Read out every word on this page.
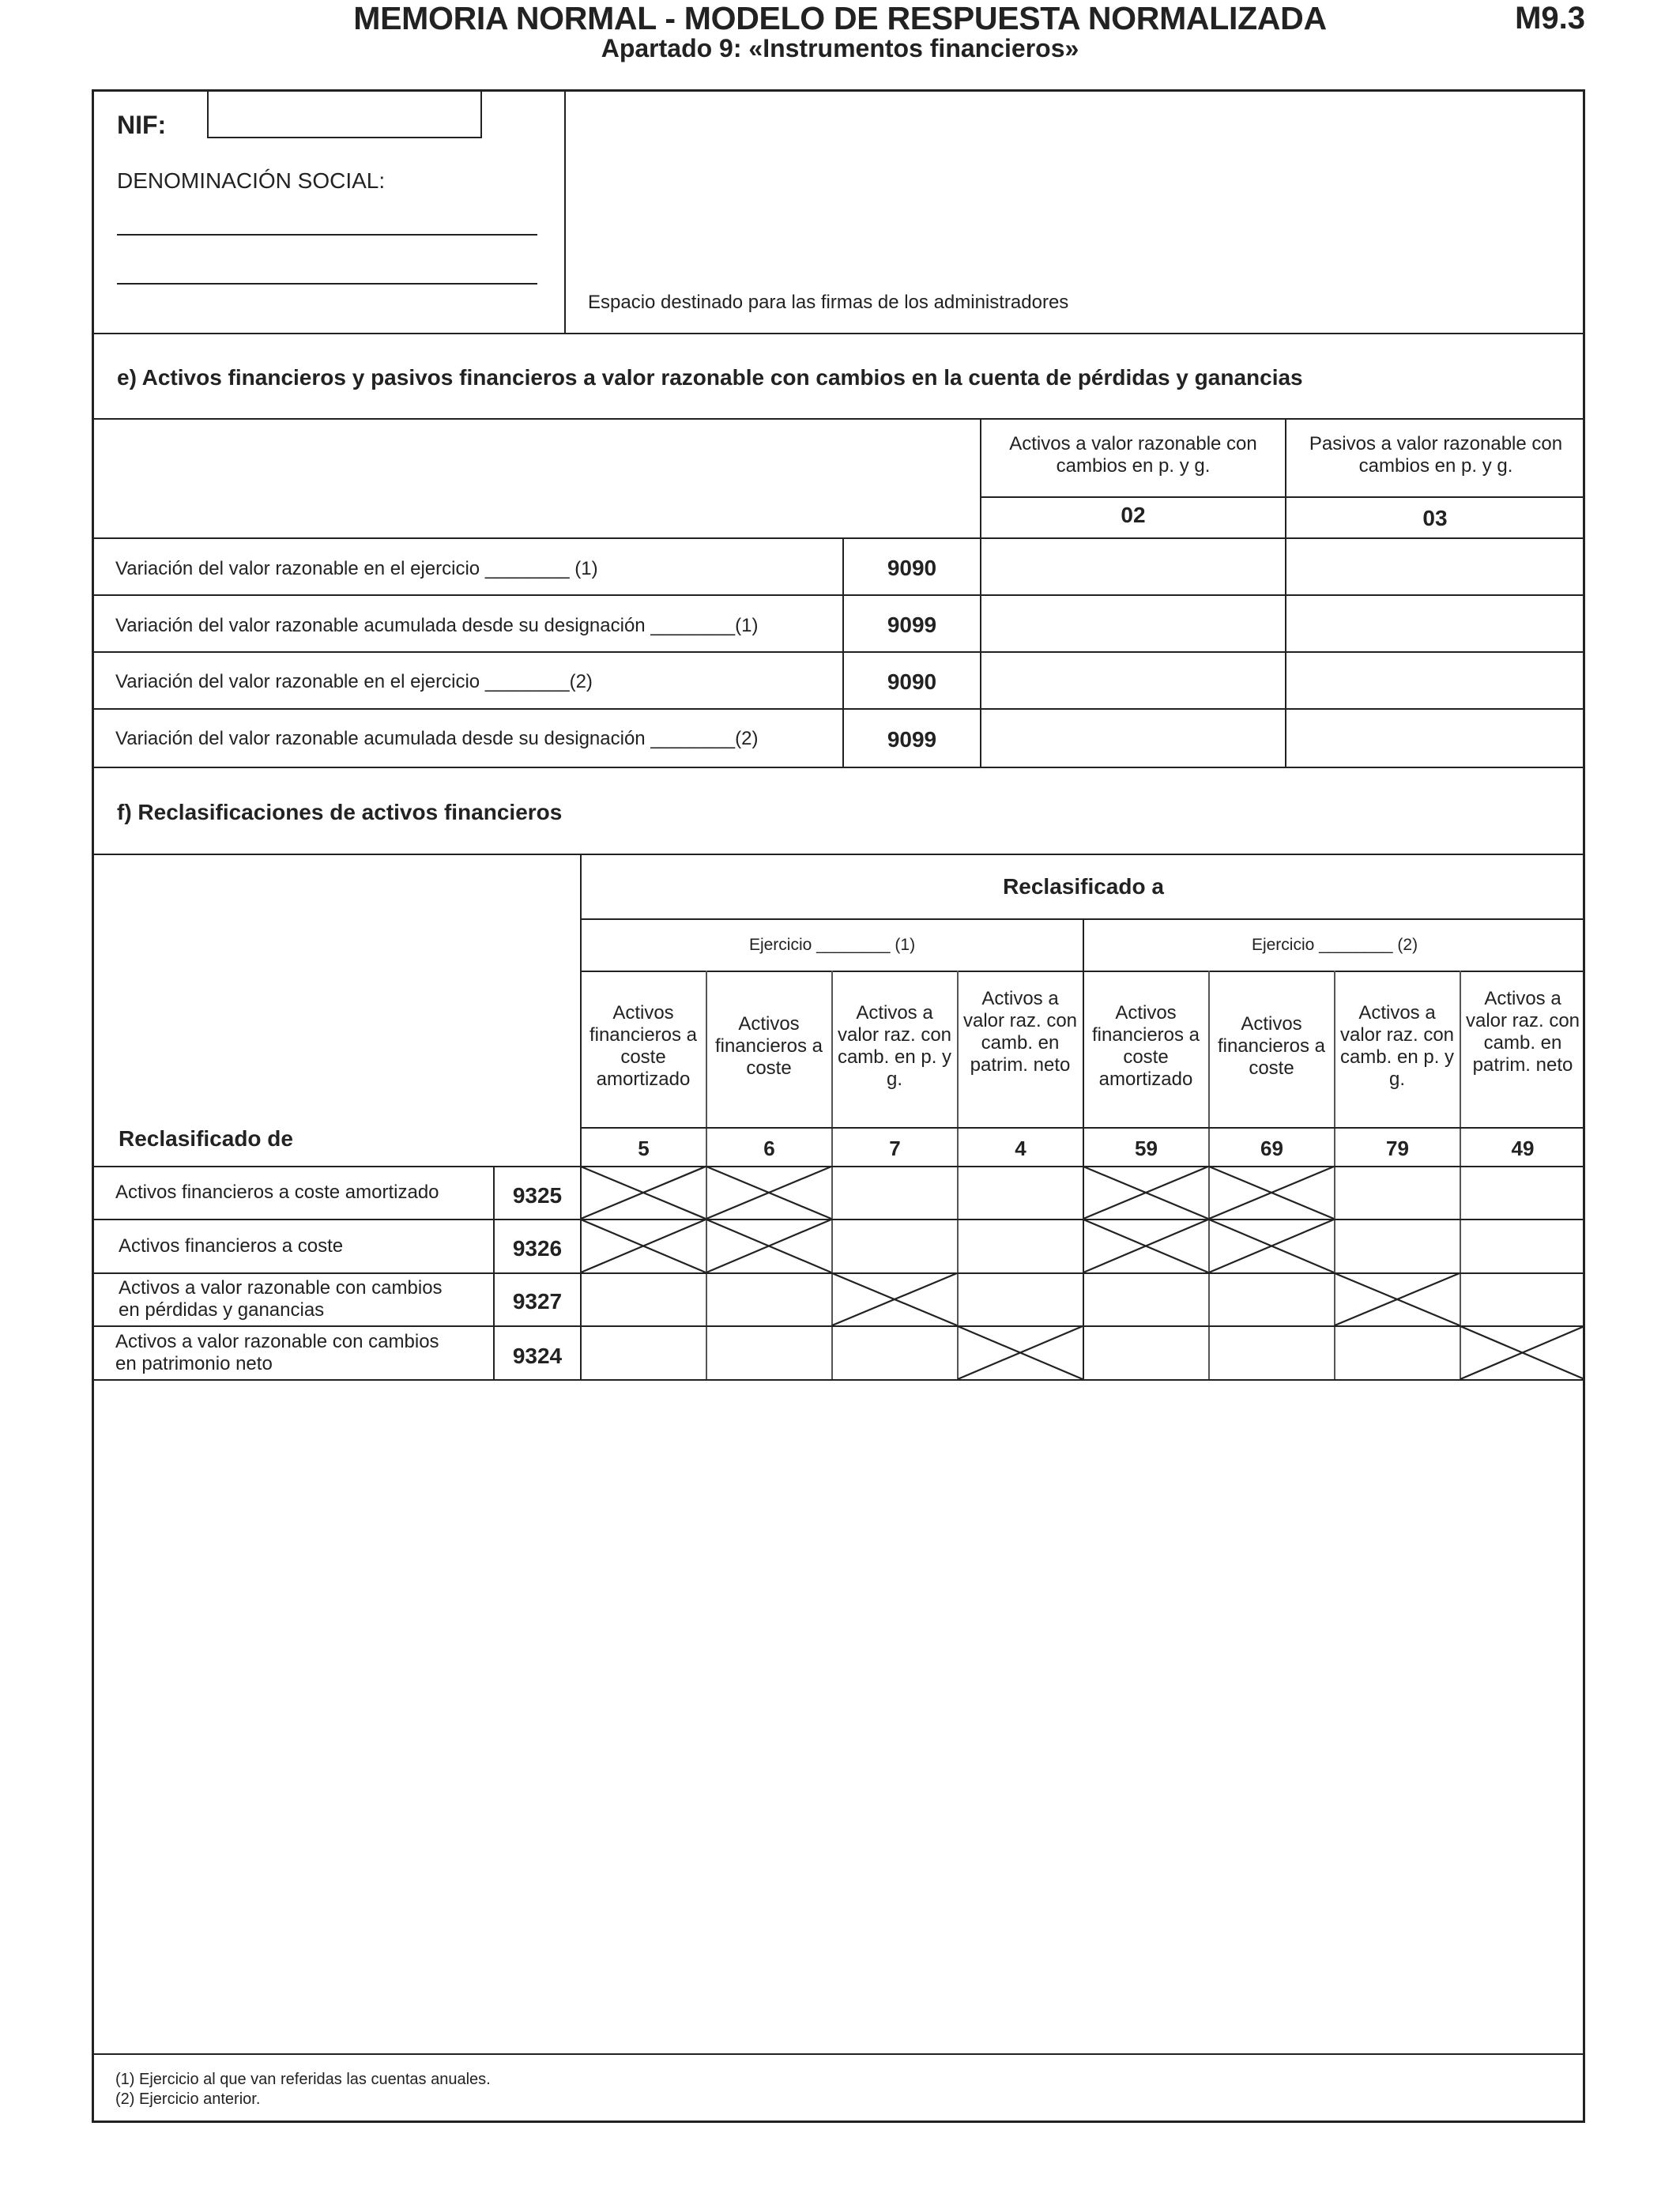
MEMORIA NORMAL - MODELO DE RESPUESTA NORMALIZADA
Apartado 9: «Instrumentos financieros»
M9.3
NIF:
DENOMINACIÓN SOCIAL:
Espacio destinado para las firmas de los administradores
e) Activos financieros y pasivos financieros a valor razonable con cambios en la cuenta de pérdidas y ganancias
Activos a valor razonable con cambios en p. y g.
Pasivos a valor razonable con cambios en p. y g.
02	03
Variación del valor razonable en el ejercicio ________ (1)	9090
Variación del valor razonable acumulada desde su designación ________(1)	9099
Variación del valor razonable en el ejercicio ________(2)	9090
Variación del valor razonable acumulada desde su designación ________(2)	9099
f) Reclasificaciones de activos financieros
Reclasificado a
Ejercicio ________ (1)	Ejercicio ________ (2)
Activos financieros a coste amortizado
Activos financieros a coste
Activos a valor raz. con camb. en p. y g.
Activos a valor raz. con camb. en patrim. neto
Activos financieros a coste amortizado
Activos financieros a coste
Activos a valor raz. con camb. en p. y g.
Activos a valor raz. con camb. en patrim. neto
Reclasificado de	5	6	7	4	59	69	79	49
Activos financieros a coste amortizado	9325
Activos financieros a coste	9326
Activos a valor razonable con cambios
en pérdidas y ganancias	9327
Activos a valor razonable con cambios
en patrimonio neto	9324
(1) Ejercicio al que van referidas las cuentas anuales.
(2) Ejercicio anterior.
